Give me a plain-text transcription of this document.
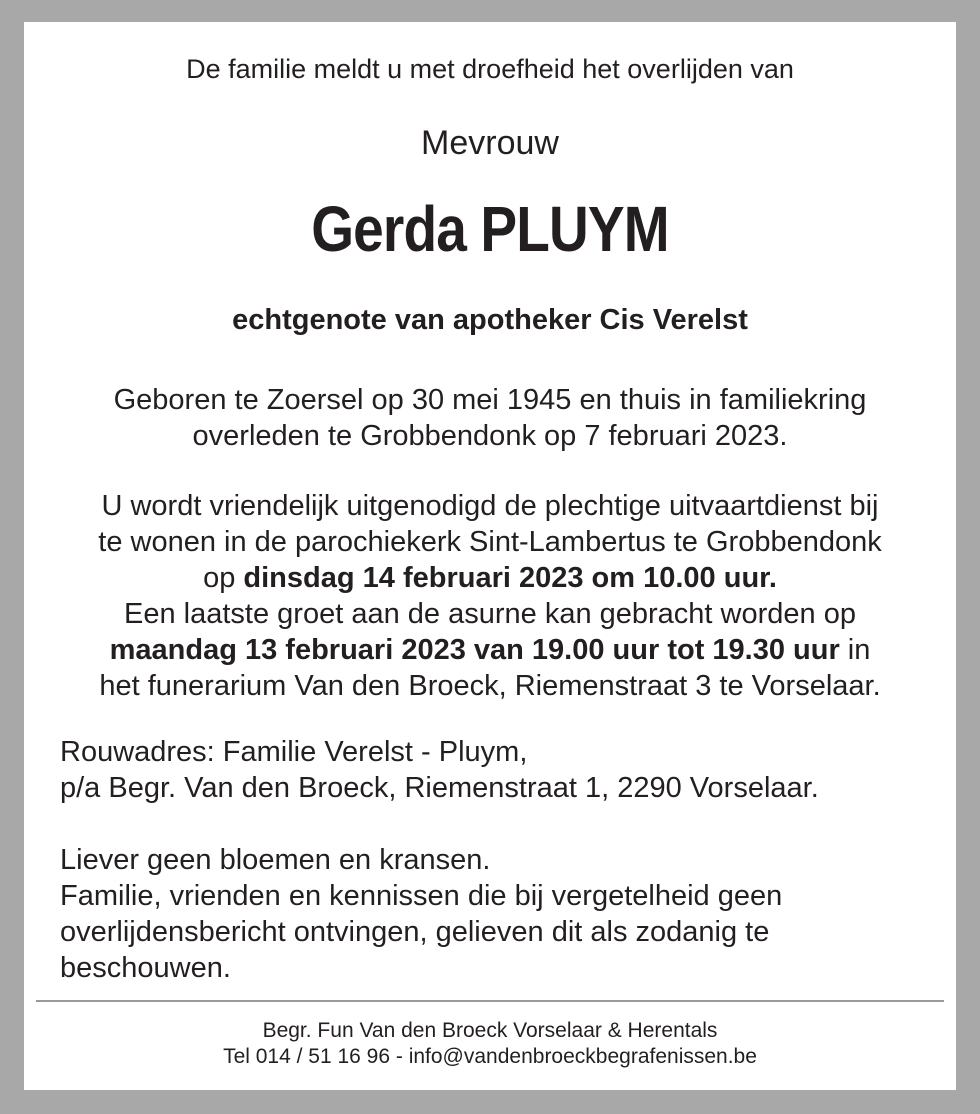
De familie meldt u met droefheid het overlijden van
Mevrouw
Gerda PLUYM
echtgenote van apotheker Cis Verelst
Geboren te Zoersel op 30 mei 1945 en thuis in familiekring
overleden te Grobbendonk op 7 februari 2023.
U wordt vriendelijk uitgenodigd de plechtige uitvaartdienst bij
te wonen in de parochiekerk Sint-Lambertus te Grobbendonk
op dinsdag 14 februari 2023 om 10.00 uur.
Een laatste groet aan de asurne kan gebracht worden op
maandag 13 februari 2023 van 19.00 uur tot 19.30 uur in
het funerarium Van den Broeck, Riemenstraat 3 te Vorselaar.
Rouwadres: Familie Verelst - Pluym,
p/a Begr. Van den Broeck, Riemenstraat 1, 2290 Vorselaar.
Liever geen bloemen en kransen.
Familie, vrienden en kennissen die bij vergetelheid geen
overlijdensbericht ontvingen, gelieven dit als zodanig te
beschouwen.
Begr. Fun Van den Broeck Vorselaar & Herentals
Tel 014 / 51 16 96 - info@vandenbroeckbegrafenissen.be
